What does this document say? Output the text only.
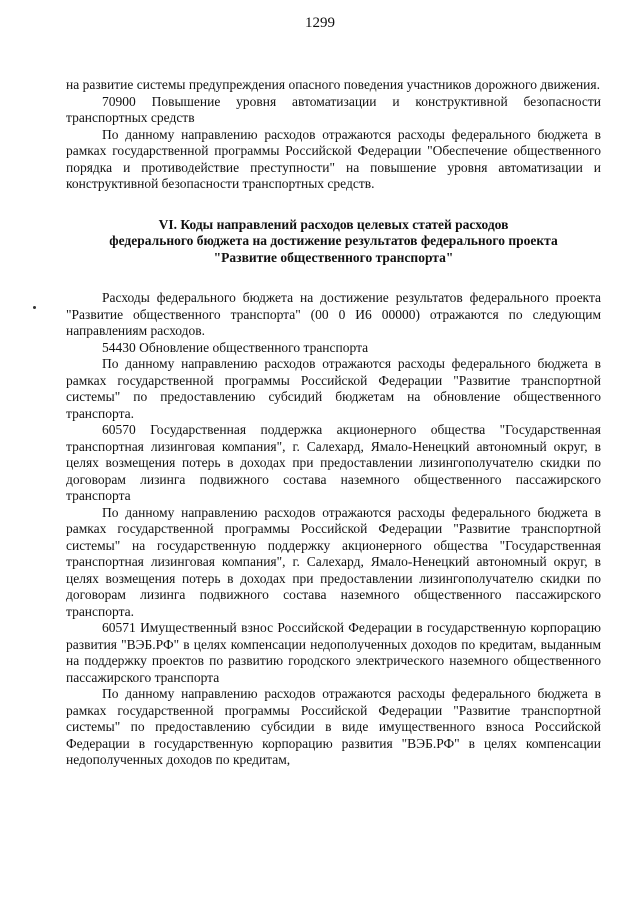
1299

на развитие системы предупреждения опасного поведения участников дорожного движения.

70900 Повышение уровня автоматизации и конструктивной безопасности транспортных средств

По данному направлению расходов отражаются расходы федерального бюджета в рамках государственной программы Российской Федерации "Обеспечение общественного порядка и противодействие преступности" на повышение уровня автоматизации и конструктивной безопасности транспортных средств.

VI. Коды направлений расходов целевых статей расходов
федерального бюджета на достижение результатов федерального проекта
"Развитие общественного транспорта"

Расходы федерального бюджета на достижение результатов федерального проекта "Развитие общественного транспорта" (00 0 И6 00000) отражаются по следующим направлениям расходов.

54430 Обновление общественного транспорта

По данному направлению расходов отражаются расходы федерального бюджета в рамках государственной программы Российской Федерации "Развитие транспортной системы" по предоставлению субсидий бюджетам на обновление общественного транспорта.

60570 Государственная поддержка акционерного общества "Государственная транспортная лизинговая компания", г. Салехард, Ямало-Ненецкий автономный округ, в целях возмещения потерь в доходах при предоставлении лизингополучателю скидки по договорам лизинга подвижного состава наземного общественного пассажирского транспорта

По данному направлению расходов отражаются расходы федерального бюджета в рамках государственной программы Российской Федерации "Развитие транспортной системы" на государственную поддержку акционерного общества "Государственная транспортная лизинговая компания", г. Салехард, Ямало-Ненецкий автономный округ, в целях возмещения потерь в доходах при предоставлении лизингополучателю скидки по договорам лизинга подвижного состава наземного общественного пассажирского транспорта.

60571 Имущественный взнос Российской Федерации в государственную корпорацию развития "ВЭБ.РФ" в целях компенсации недополученных доходов по кредитам, выданным на поддержку проектов по развитию городского электрического наземного общественного пассажирского транспорта

По данному направлению расходов отражаются расходы федерального бюджета в рамках государственной программы Российской Федерации "Развитие транспортной системы" по предоставлению субсидии в виде имущественного взноса Российской Федерации в государственную корпорацию развития "ВЭБ.РФ" в целях компенсации недополученных доходов по кредитам,
